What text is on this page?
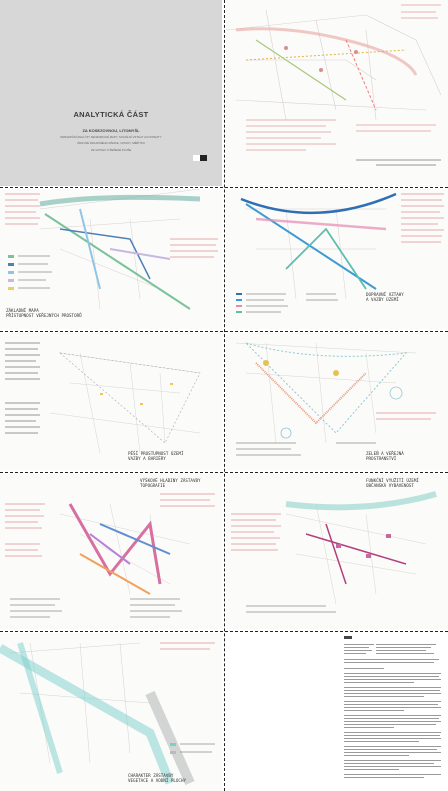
ANALYTICKÁ ČÁST
ZA KOSEZOVNOU, LITOMYŠL
PERCEPČNÍ ANALÝZY SENZORICKÉ MAPY, SOCIÁLNÍ VZTAHY A KONTEXTY
ÚROVNĚ KRAJINNÉHO RÁMCE, VZTAHY, MĚŘÍTKO
VE VZTAHU K ŘEŠENÉ PLOŠE
ZÁKLADNÍ MAPA
PŘÍSTUPNOST VEŘEJNÝCH PROSTORŮ
DOPRAVNÍ VZTAHY
A VAZBY ÚZEMÍ
PĚŠÍ PROSTUPNOST ÚZEMÍ
VAZBY A BARIÉRY
ZELEŇ A VEŘEJNÁ
PROSTRANSTVÍ
VÝŠKOVÉ HLADINY ZÁSTAVBY
TOPOGRAFIE
FUNKČNÍ VYUŽITÍ ÚZEMÍ
OBČANSKÁ VYBAVENOST
CHARAKTER ZÁSTAVBY
VEGETACE A VODNÍ PLOCHY
